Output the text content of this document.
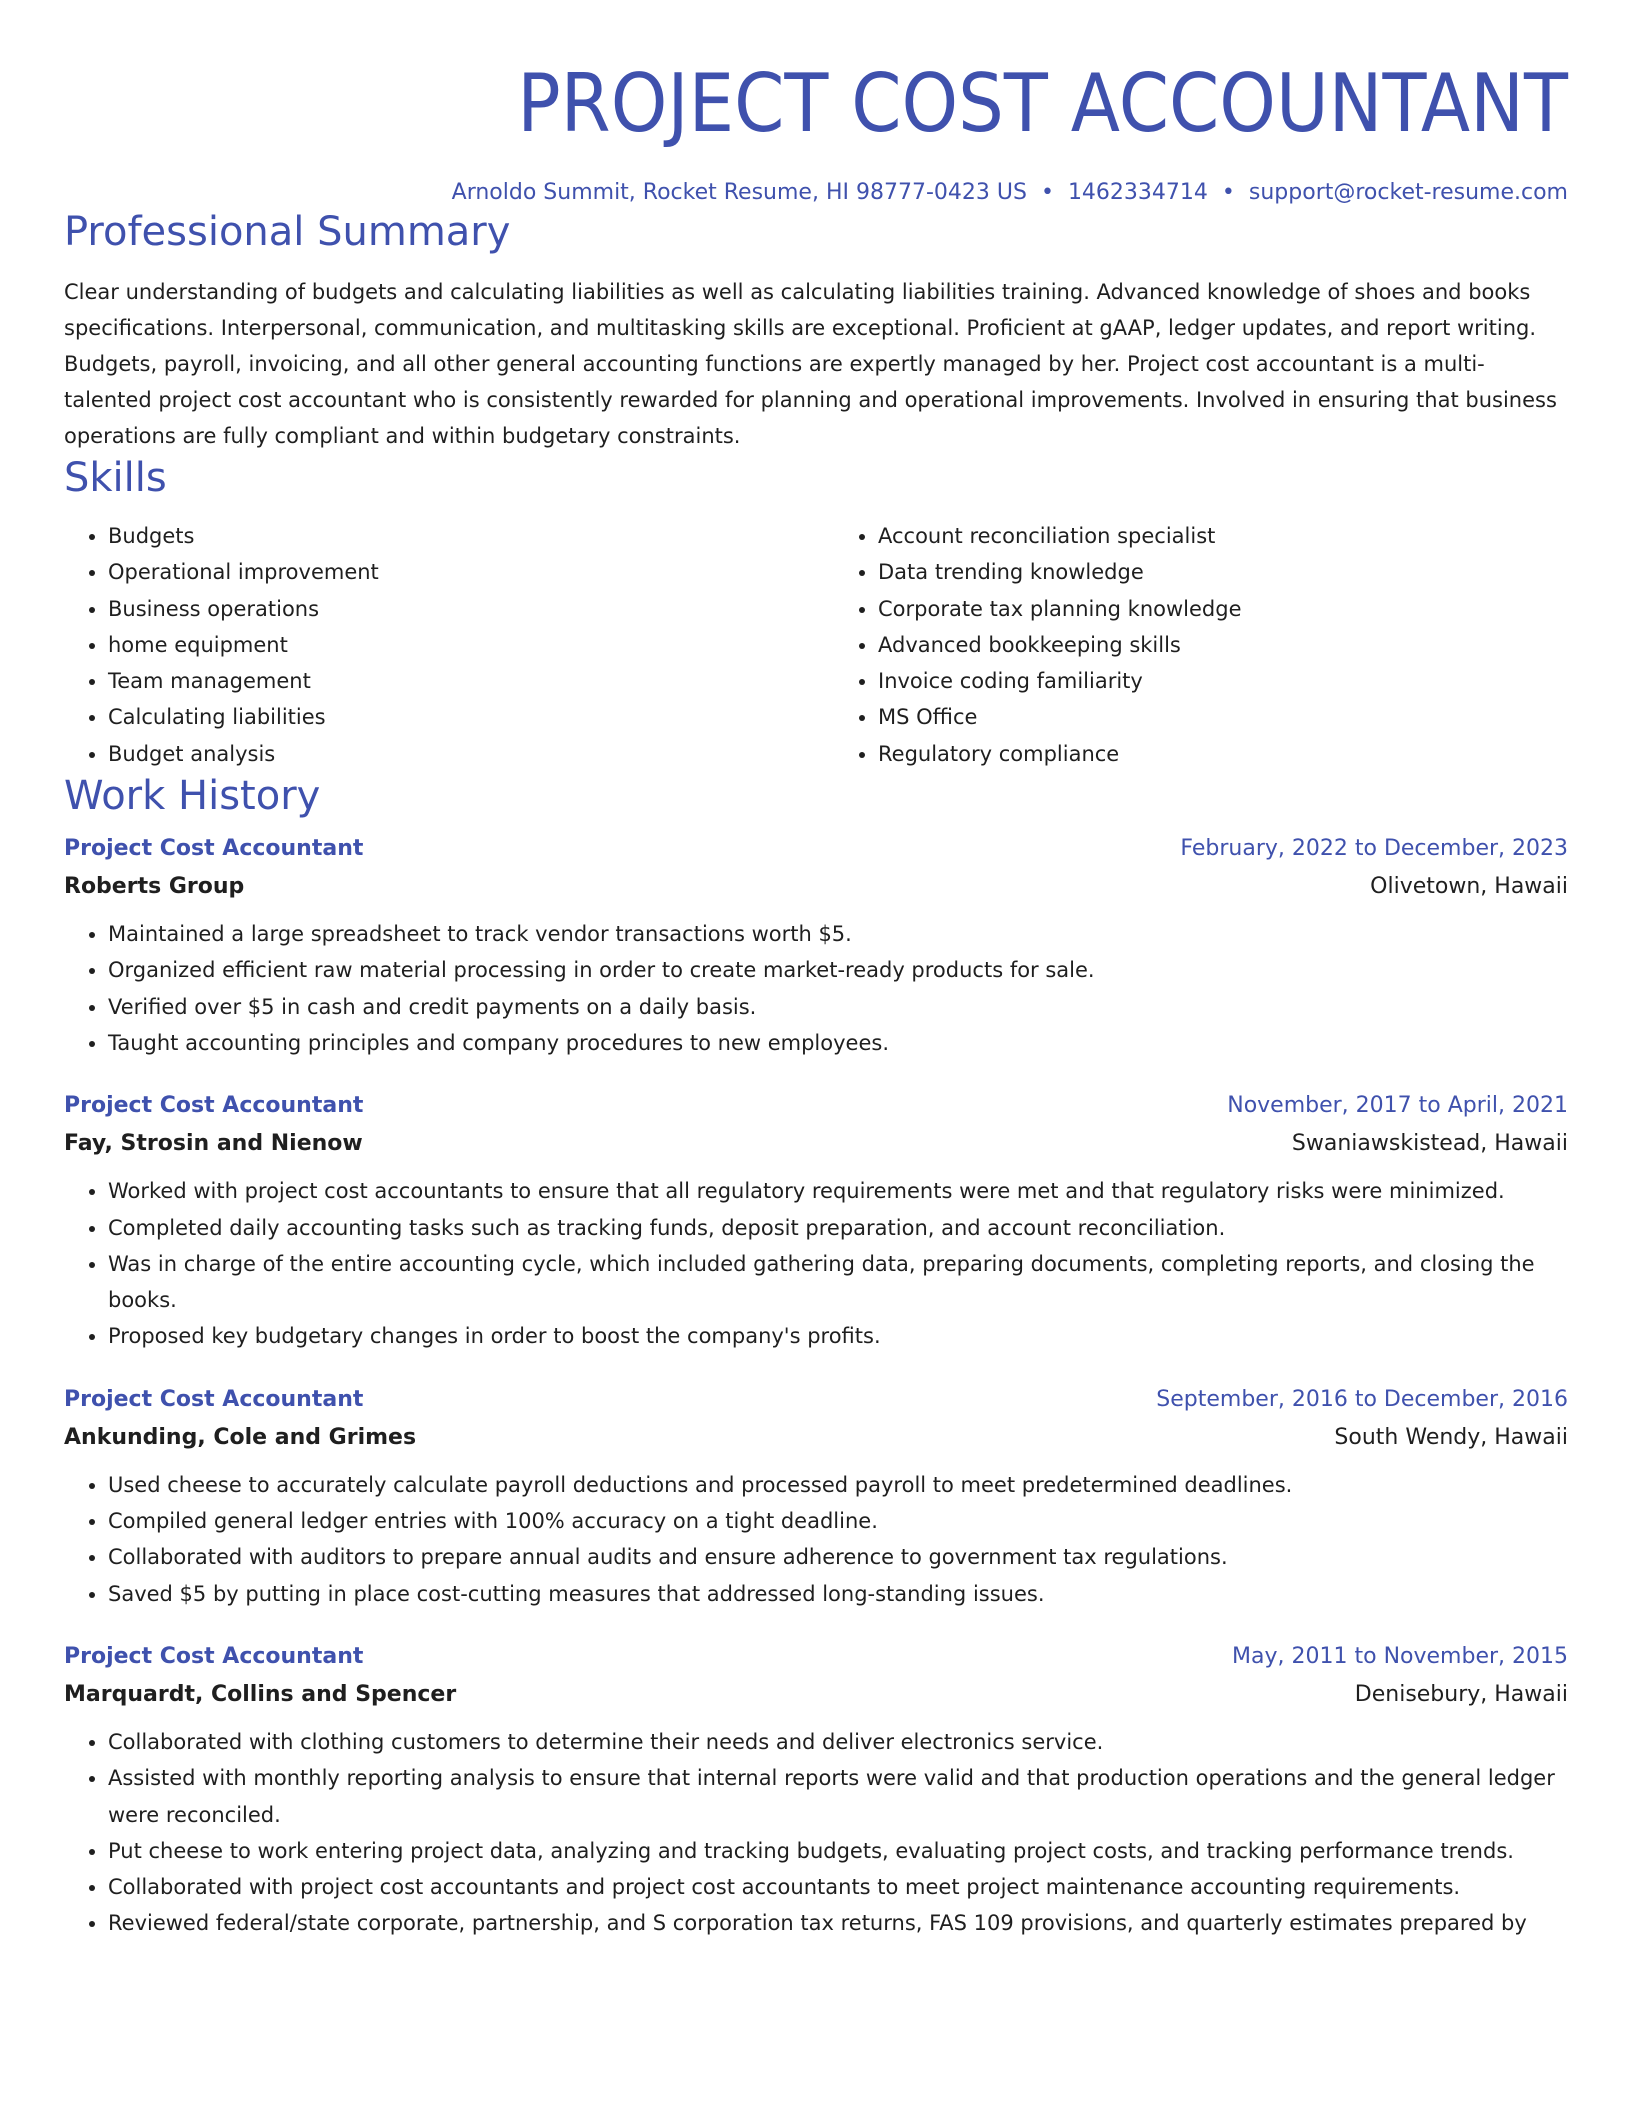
PROJECT COST ACCOUNTANT
Arnoldo Summit, Rocket Resume, HI 98777-0423 US • 1462334714 • support@rocket-resume.com
Professional Summary

Clear understanding of budgets and calculating liabilities as well as calculating liabilities training. Advanced knowledge of shoes and books specifications. Interpersonal, communication, and multitasking skills are exceptional. Proficient at gAAP, ledger updates, and report writing. Budgets, payroll, invoicing, and all other general accounting functions are expertly managed by her. Project cost accountant is a multi-talented project cost accountant who is consistently rewarded for planning and operational improvements. Involved in ensuring that business operations are fully compliant and within budgetary constraints.

Skills
• Budgets
• Operational improvement
• Business operations
• home equipment
• Team management
• Calculating liabilities
• Budget analysis
• Account reconciliation specialist
• Data trending knowledge
• Corporate tax planning knowledge
• Advanced bookkeeping skills
• Invoice coding familiarity
• MS Office
• Regulatory compliance
Work History
Project Cost Accountant	February, 2022 to December, 2023
Roberts Group	Olivetown, Hawaii
• Maintained a large spreadsheet to track vendor transactions worth $5.
• Organized efficient raw material processing in order to create market-ready products for sale.
• Verified over $5 in cash and credit payments on a daily basis.
• Taught accounting principles and company procedures to new employees.
Project Cost Accountant	November, 2017 to April, 2021
Fay, Strosin and Nienow	Swaniawskistead, Hawaii
• Worked with project cost accountants to ensure that all regulatory requirements were met and that regulatory risks were minimized.
• Completed daily accounting tasks such as tracking funds, deposit preparation, and account reconciliation.
• Was in charge of the entire accounting cycle, which included gathering data, preparing documents, completing reports, and closing the books.
• Proposed key budgetary changes in order to boost the company's profits.
Project Cost Accountant	September, 2016 to December, 2016
Ankunding, Cole and Grimes	South Wendy, Hawaii
• Used cheese to accurately calculate payroll deductions and processed payroll to meet predetermined deadlines.
• Compiled general ledger entries with 100% accuracy on a tight deadline.
• Collaborated with auditors to prepare annual audits and ensure adherence to government tax regulations.
• Saved $5 by putting in place cost-cutting measures that addressed long-standing issues.
Project Cost Accountant	May, 2011 to November, 2015
Marquardt, Collins and Spencer	Denisebury, Hawaii
• Collaborated with clothing customers to determine their needs and deliver electronics service.
• Assisted with monthly reporting analysis to ensure that internal reports were valid and that production operations and the general ledger were reconciled.
• Put cheese to work entering project data, analyzing and tracking budgets, evaluating project costs, and tracking performance trends.
• Collaborated with project cost accountants and project cost accountants to meet project maintenance accounting requirements.
• Reviewed federal/state corporate, partnership, and S corporation tax returns, FAS 109 provisions, and quarterly estimates prepared by
